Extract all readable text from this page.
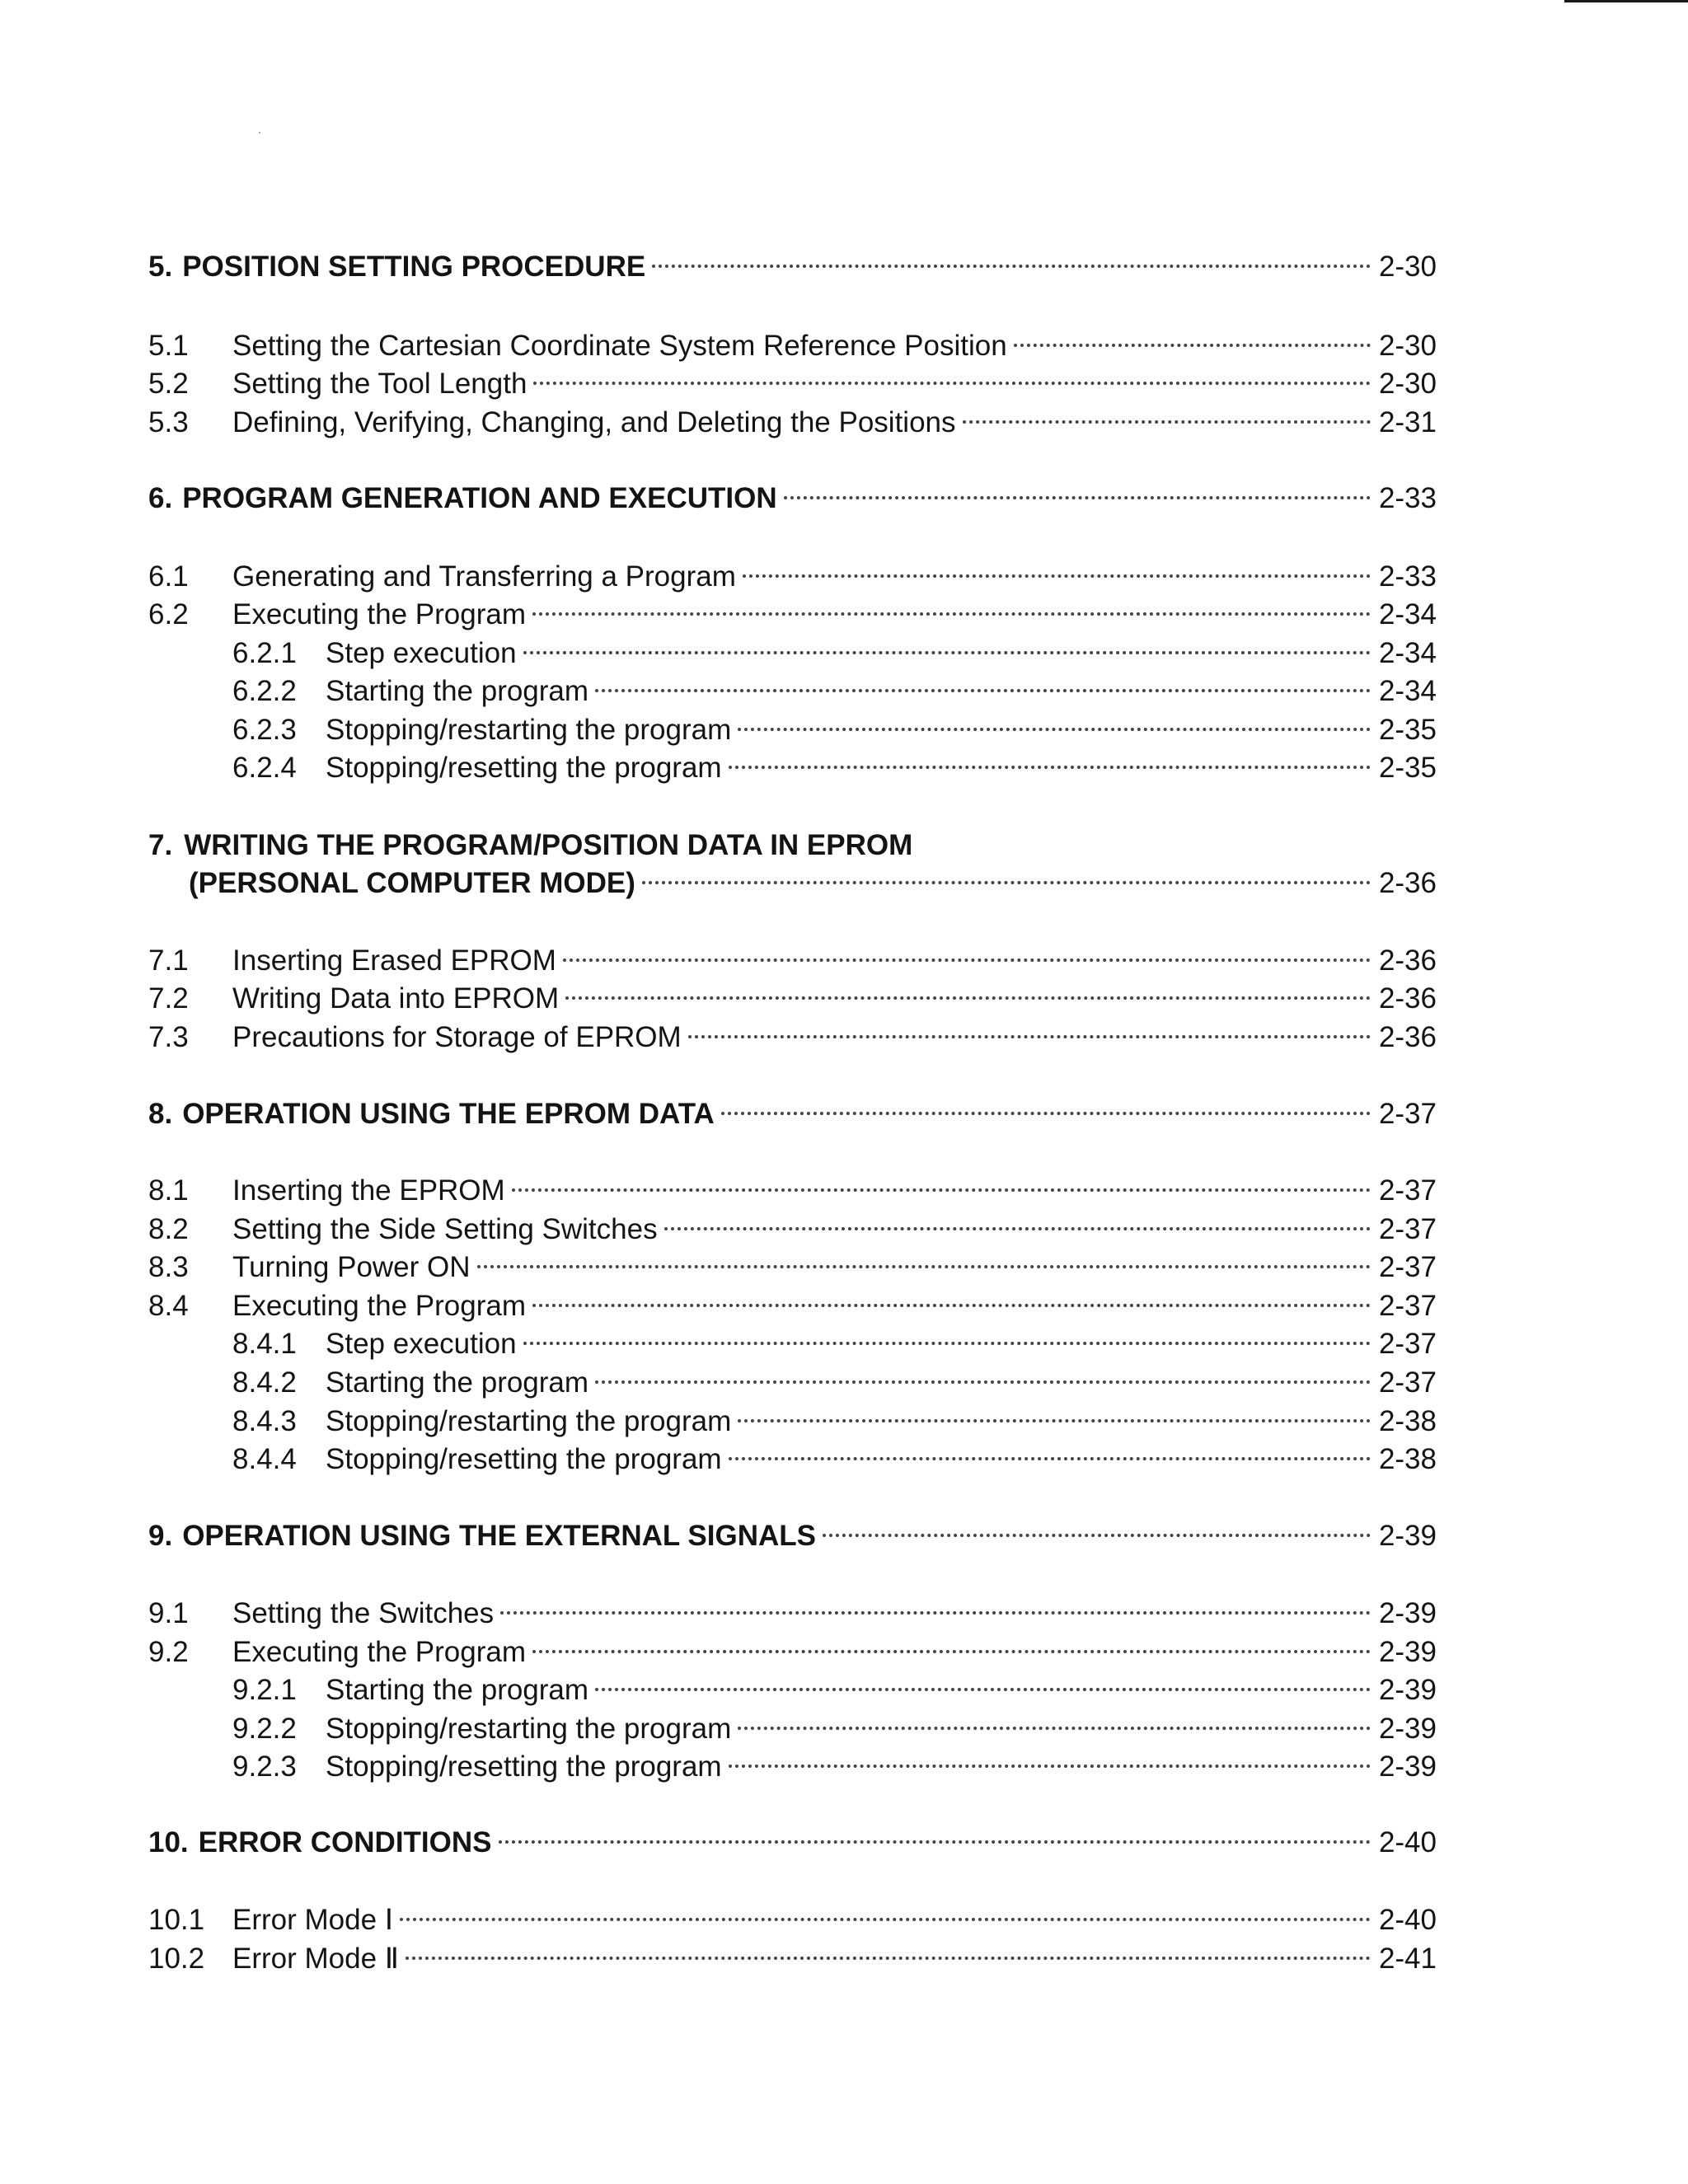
5. POSITION SETTING PROCEDURE	2-30
5.1	Setting the Cartesian Coordinate System Reference Position	2-30
5.2	Setting the Tool Length	2-30
5.3	Defining, Verifying, Changing, and Deleting the Positions	2-31
6. PROGRAM GENERATION AND EXECUTION	2-33
6.1	Generating and Transferring a Program	2-33
6.2	Executing the Program	2-34
6.2.1	Step execution	2-34
6.2.2	Starting the program	2-34
6.2.3	Stopping/restarting the program	2-35
6.2.4	Stopping/resetting the program	2-35
7. WRITING THE PROGRAM/POSITION DATA IN EPROM
(PERSONAL COMPUTER MODE)	2-36
7.1	Inserting Erased EPROM	2-36
7.2	Writing Data into EPROM	2-36
7.3	Precautions for Storage of EPROM	2-36
8. OPERATION USING THE EPROM DATA	2-37
8.1	Inserting the EPROM	2-37
8.2	Setting the Side Setting Switches	2-37
8.3	Turning Power ON	2-37
8.4	Executing the Program	2-37
8.4.1	Step execution	2-37
8.4.2	Starting the program	2-37
8.4.3	Stopping/restarting the program	2-38
8.4.4	Stopping/resetting the program	2-38
9. OPERATION USING THE EXTERNAL SIGNALS	2-39
9.1	Setting the Switches	2-39
9.2	Executing the Program	2-39
9.2.1	Starting the program	2-39
9.2.2	Stopping/restarting the program	2-39
9.2.3	Stopping/resetting the program	2-39
10. ERROR CONDITIONS	2-40
10.1 Error Mode Ⅰ	2-40
10.2 Error Mode Ⅱ	2-41
